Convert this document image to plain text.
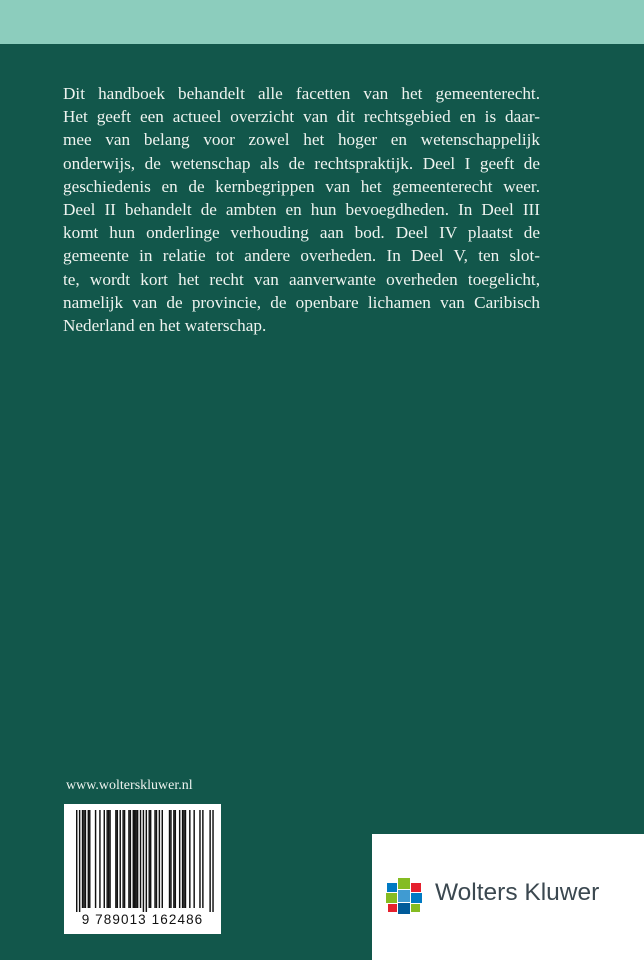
Dit handboek behandelt alle facetten van het gemeenterecht.
Het geeft een actueel overzicht van dit rechtsgebied en is daar-
mee van belang voor zowel het hoger en wetenschappelijk
onderwijs, de wetenschap als de rechtspraktijk. Deel I geeft de
geschiedenis en de kernbegrippen van het gemeenterecht weer.
Deel II behandelt de ambten en hun bevoegdheden. In Deel III
komt hun onderlinge verhouding aan bod. Deel IV plaatst de
gemeente in relatie tot andere overheden. In Deel V, ten slot-
te, wordt kort het recht van aanverwante overheden toegelicht,
namelijk van de provincie, de openbare lichamen van Caribisch
Nederland en het waterschap.
www.wolterskluwer.nl
9 789013 162486
Wolters Kluwer
